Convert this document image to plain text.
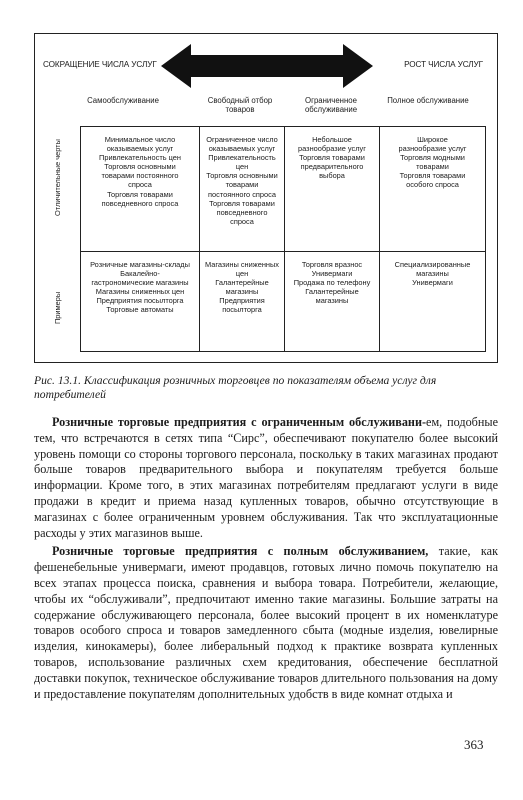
СОКРАЩЕНИЕ ЧИСЛА УСЛУГ	РОСТ ЧИСЛА УСЛУГ
Самообслуживание	Свободный отбор товаров
Ограниченное обслуживание
Полное обслуживание
Отличительные черты
Примеры
Минимальное число
оказываемых услуг
Привлекательность цен
Торговля основными
товарами постоянного
спроса
Торговля товарами
повседневного спроса
Ограниченное число
оказываемых услуг
Привлекательность
цен
Торговля основными
товарами
постоянного спроса
Торговля товарами
повседневного
спроса
Небольшое
разнообразие услуг
Торговля товарами
предварительного
выбора
Широкое
разнообразие услуг
Торговля модными
товарами
Торговля товарами
особого спроса
Розничные магазины-склады
Бакалейно-
гастрономические магазины
Магазины сниженных цен
Предприятия посылторга
Торговые автоматы
Магазины сниженных
цен
Галантерейные
магазины
Предприятия
посылторга
Торговля вразнос
Универмаги
Продажа по телефону
Галантерейные
магазины
Специализированные
магазины
Универмаги
Рис. 13.1. Классификация розничных торговцев по показателям объема услуг для потребителей

Розничные торговые предприятия с ограниченным обслуживани-ем, подобные тем, что встречаются в сетях типа “Сирс”, обеспечивают покупателю более высокий уровень помощи со стороны торгового персонала, поскольку в таких магазинах продают больше товаров предварительного выбора и покупателям требуется больше информации. Кроме того, в этих магазинах потребителям предлагают услуги в виде продажи в кредит и приема назад купленных товаров, обычно отсутствующие в магазинах с более ограниченным уровнем обслуживания. Так что эксплуатационные расходы у этих магазинов выше.

Розничные торговые предприятия с полным обслуживанием, такие, как фешенебельные универмаги, имеют продавцов, готовых лично помочь покупателю на всех этапах процесса поиска, сравнения и выбора товара. Потребители, желающие, чтобы их “обслуживали”, предпочитают именно такие магазины. Большие затраты на содержание обслуживающего персонала, более высокий процент в их номенклатуре товаров особого спроса и товаров замедленного сбыта (модные изделия, ювелирные изделия, кинокамеры), более либеральный подход к практике возврата купленных товаров, использование различных схем кредитования, обеспечение бесплатной доставки покупок, техническое обслуживание товаров длительного пользования на дому и предоставление покупателям дополнительных удобств в виде комнат отдыха и

363
